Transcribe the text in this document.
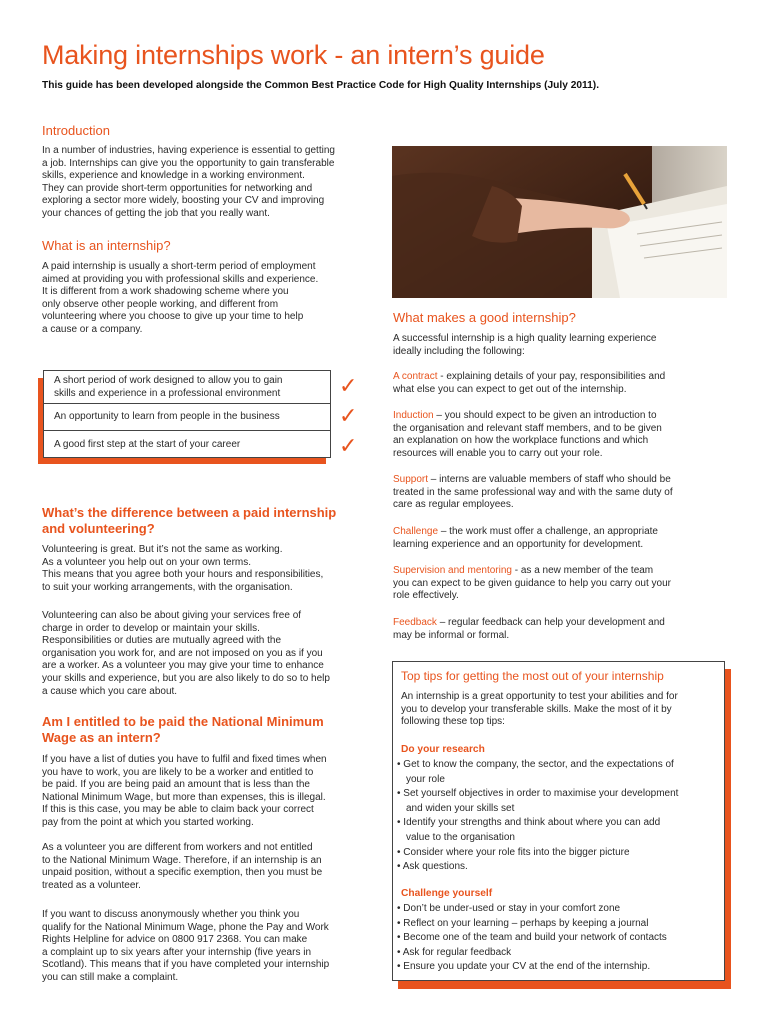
Making internships work - an intern’s guide
This guide has been developed alongside the Common Best Practice Code for High Quality Internships (July 2011).
Introduction
In a number of industries, having experience is essential to getting
a job. Internships can give you the opportunity to gain transferable
skills, experience and knowledge in a working environment.
They can provide short-term opportunities for networking and
exploring a sector more widely, boosting your CV and improving
your chances of getting the job that you really want.
What is an internship?
A paid internship is usually a short-term period of employment
aimed at providing you with professional skills and experience.
It is different from a work shadowing scheme where you
only observe other people working, and different from
volunteering where you choose to give up your time to help
a cause or a company.
A short period of work designed to allow you to gain
skills and experience in a professional environment
An opportunity to learn from people in the business
A good first step at the start of your career
✓
✓
✓
What’s the difference between a paid internship
and volunteering?
Volunteering is great. But it’s not the same as working.
As a volunteer you help out on your own terms.
This means that you agree both your hours and responsibilities,
to suit your working arrangements, with the organisation.
Volunteering can also be about giving your services free of
charge in order to develop or maintain your skills.
Responsibilities or duties are mutually agreed with the
organisation you work for, and are not imposed on you as if you
are a worker. As a volunteer you may give your time to enhance
your skills and experience, but you are also likely to do so to help
a cause which you care about.
Am I entitled to be paid the National Minimum
Wage as an intern?
If you have a list of duties you have to fulfil and fixed times when
you have to work, you are likely to be a worker and entitled to
be paid. If you are being paid an amount that is less than the
National Minimum Wage, but more than expenses, this is illegal.
If this is this case, you may be able to claim back your correct
pay from the point at which you started working.
As a volunteer you are different from workers and not entitled
to the National Minimum Wage. Therefore, if an internship is an
unpaid position, without a specific exemption, then you must be
treated as a volunteer.
If you want to discuss anonymously whether you think you
qualify for the National Minimum Wage, phone the Pay and Work
Rights Helpline for advice on 0800 917 2368. You can make
a complaint up to six years after your internship (five years in
Scotland). This means that if you have completed your internship
you can still make a complaint.
What makes a good internship?
A successful internship is a high quality learning experience
ideally including the following:
A contract - explaining details of your pay, responsibilities and
what else you can expect to get out of the internship.
Induction – you should expect to be given an introduction to
the organisation and relevant staff members, and to be given
an explanation on how the workplace functions and which
resources will enable you to carry out your role.
Support – interns are valuable members of staff who should be
treated in the same professional way and with the same duty of
care as regular employees.
Challenge – the work must offer a challenge, an appropriate
learning experience and an opportunity for development.
Supervision and mentoring - as a new member of the team
you can expect to be given guidance to help you carry out your
role effectively.
Feedback – regular feedback can help your development and
may be informal or formal.
Top tips for getting the most out of your internship
An internship is a great opportunity to test your abilities and for
you to develop your transferable skills. Make the most of it by
following these top tips:
Do your research
• Get to know the company, the sector, and the expectations of
your role
• Set yourself objectives in order to maximise your development
and widen your skills set
• Identify your strengths and think about where you can add
value to the organisation
• Consider where your role fits into the bigger picture
• Ask questions.
Challenge yourself
• Don’t be under-used or stay in your comfort zone
• Reflect on your learning – perhaps by keeping a journal
• Become one of the team and build your network of contacts
• Ask for regular feedback
• Ensure you update your CV at the end of the internship.
